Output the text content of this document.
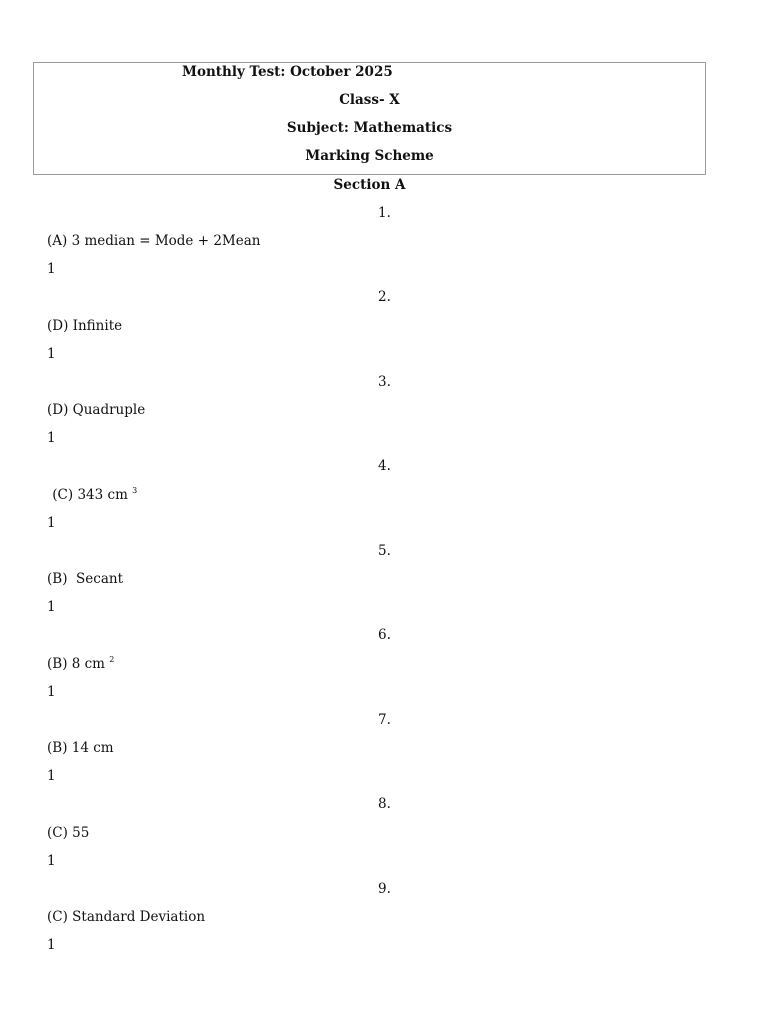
Monthly Test: October 2025
Class- X
Subject: Mathematics
Marking Scheme
Section A
1.
(A) 3 median = Mode + 2Mean
1
2.
(D) Infinite
1
3.
(D) Quadruple
1
4.
(C) 343 cm $^3$
1
5.
(B)  Secant
1
6.
(B) 8 cm $^2$
1
7.
(B) 14 cm
1
8.
(C) 55
1
9.
(C) Standard Deviation
1
